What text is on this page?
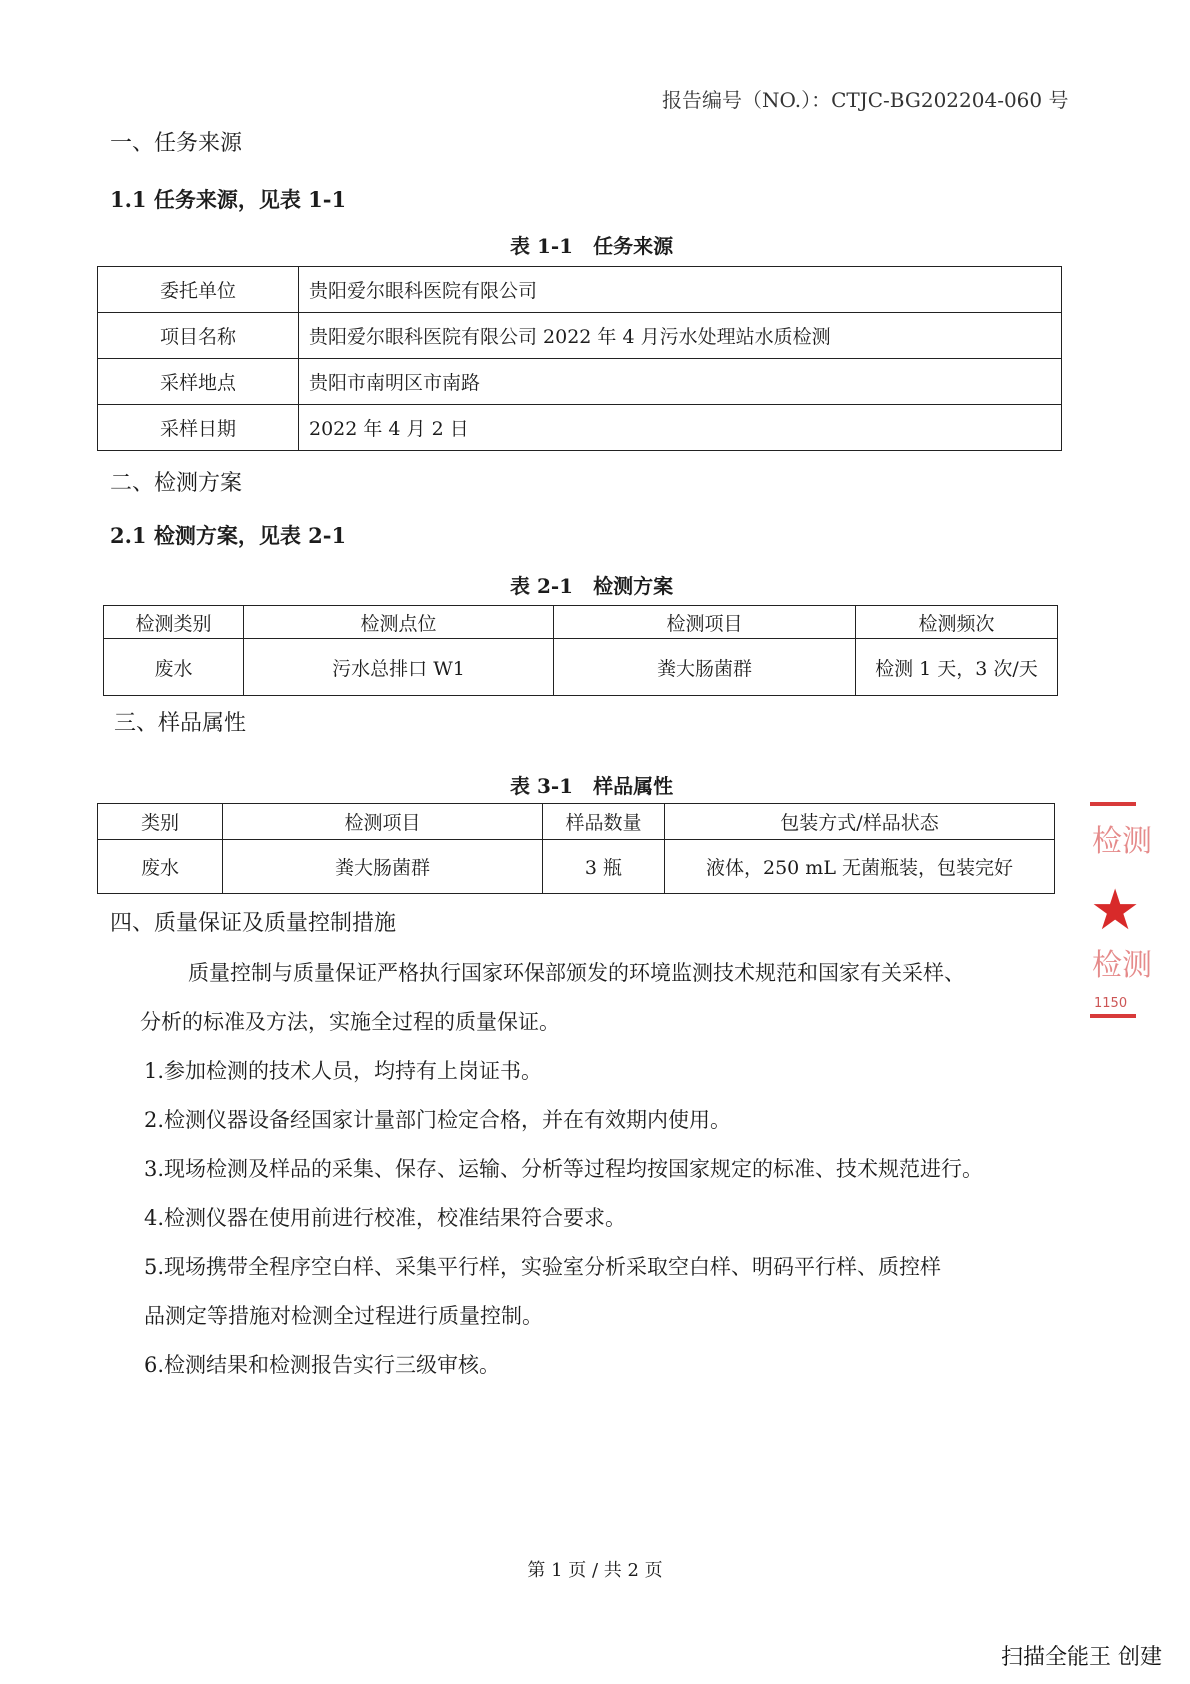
报告编号（NO.）：CTJC-BG202204-060 号
一、任务来源
1.1 任务来源，见表 1-1
表 1-1　任务来源
委托单位	贵阳爱尔眼科医院有限公司
项目名称	贵阳爱尔眼科医院有限公司 2022 年 4 月污水处理站水质检测
采样地点	贵阳市南明区市南路
采样日期	2022 年 4 月 2 日
二、检测方案
2.1 检测方案，见表 2-1
表 2-1　检测方案
检测类别	检测点位	检测项目	检测频次
废水	污水总排口 W1	粪大肠菌群	检测 1 天，3 次/天
三、样品属性
表 3-1　样品属性
类别	检测项目	样品数量	包装方式/样品状态
废水	粪大肠菌群	3 瓶	液体，250 mL 无菌瓶装，包装完好
四、质量保证及质量控制措施
质量控制与质量保证严格执行国家环保部颁发的环境监测技术规范和国家有关采样、
分析的标准及方法，实施全过程的质量保证。
1.参加检测的技术人员，均持有上岗证书。
2.检测仪器设备经国家计量部门检定合格，并在有效期内使用。
3.现场检测及样品的采集、保存、运输、分析等过程均按国家规定的标准、技术规范进行。
4.检测仪器在使用前进行校准，校准结果符合要求。
5.现场携带全程序空白样、采集平行样，实验室分析采取空白样、明码平行样、质控样
品测定等措施对检测全过程进行质量控制。
6.检测结果和检测报告实行三级审核。
检测
★
检测
1150
第 1 页 / 共 2 页
扫描全能王 创建
